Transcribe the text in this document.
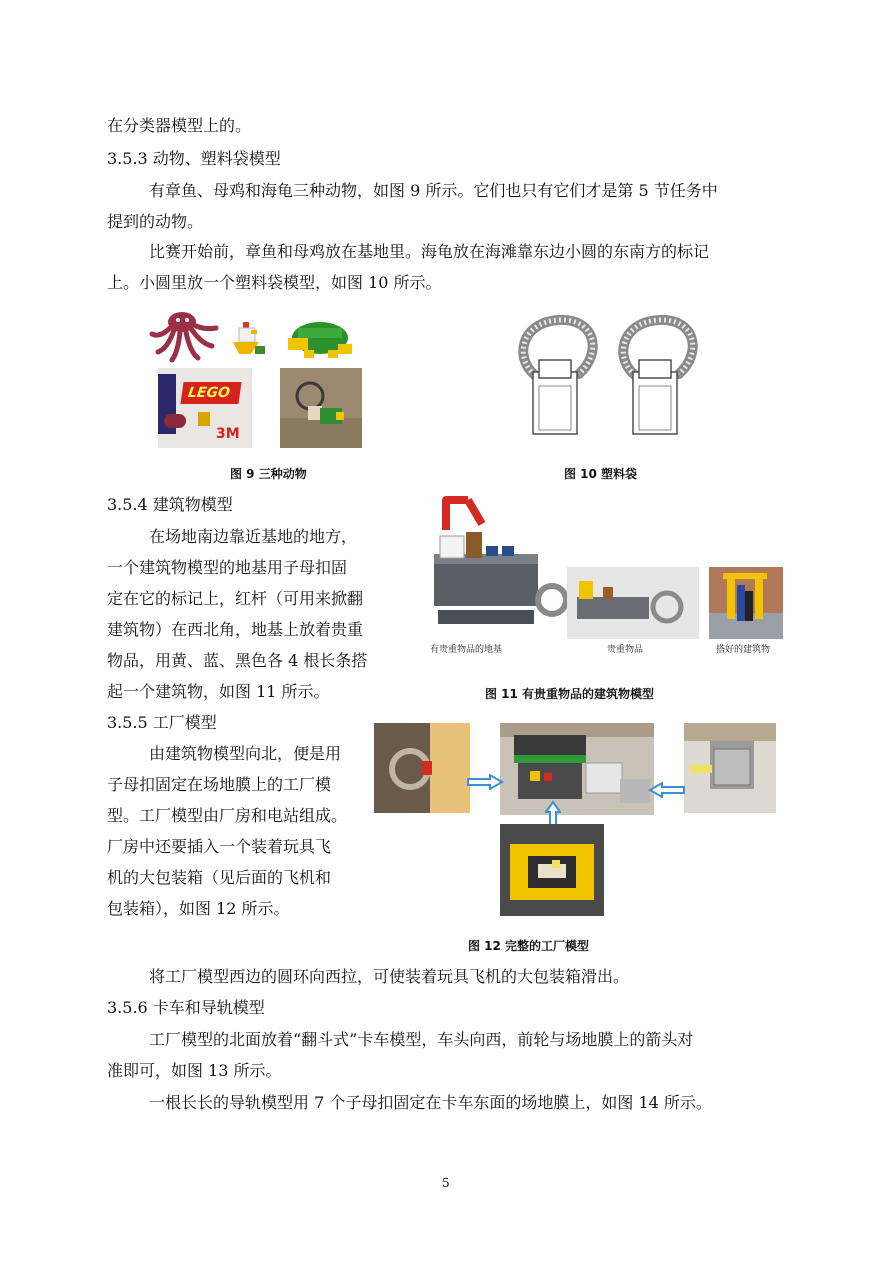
在分类器模型上的。
3.5.3 动物、塑料袋模型
有章鱼、母鸡和海龟三种动物，如图 9 所示。它们也只有它们才是第 5 节任务中
提到的动物。
比赛开始前，章鱼和母鸡放在基地里。海龟放在海滩靠东边小圆的东南方的标记
上。小圆里放一个塑料袋模型，如图 10 所示。
LEGO
3M
图 9 三种动物	图 10 塑料袋
3.5.4 建筑物模型
在场地南边靠近基地的地方，
一个建筑物模型的地基用子母扣固
定在它的标记上，红杆（可用来掀翻
建筑物）在西北角，地基上放着贵重
物品，用黄、蓝、黑色各 4 根长条搭
起一个建筑物，如图 11 所示。
有贵重物品的地基	贵重物品	搭好的建筑物
图 11 有贵重物品的建筑物模型
3.5.5 工厂模型
由建筑物模型向北，便是用
子母扣固定在场地膜上的工厂模
型。工厂模型由厂房和电站组成。
厂房中还要插入一个装着玩具飞
机的大包装箱（见后面的飞机和
包装箱），如图 12 所示。
图 12 完整的工厂模型
将工厂模型西边的圆环向西拉，可使装着玩具飞机的大包装箱滑出。
3.5.6 卡车和导轨模型
工厂模型的北面放着“翻斗式”卡车模型，车头向西，前轮与场地膜上的箭头对
准即可，如图 13 所示。
一根长长的导轨模型用 7 个子母扣固定在卡车东面的场地膜上，如图 14 所示。
5
